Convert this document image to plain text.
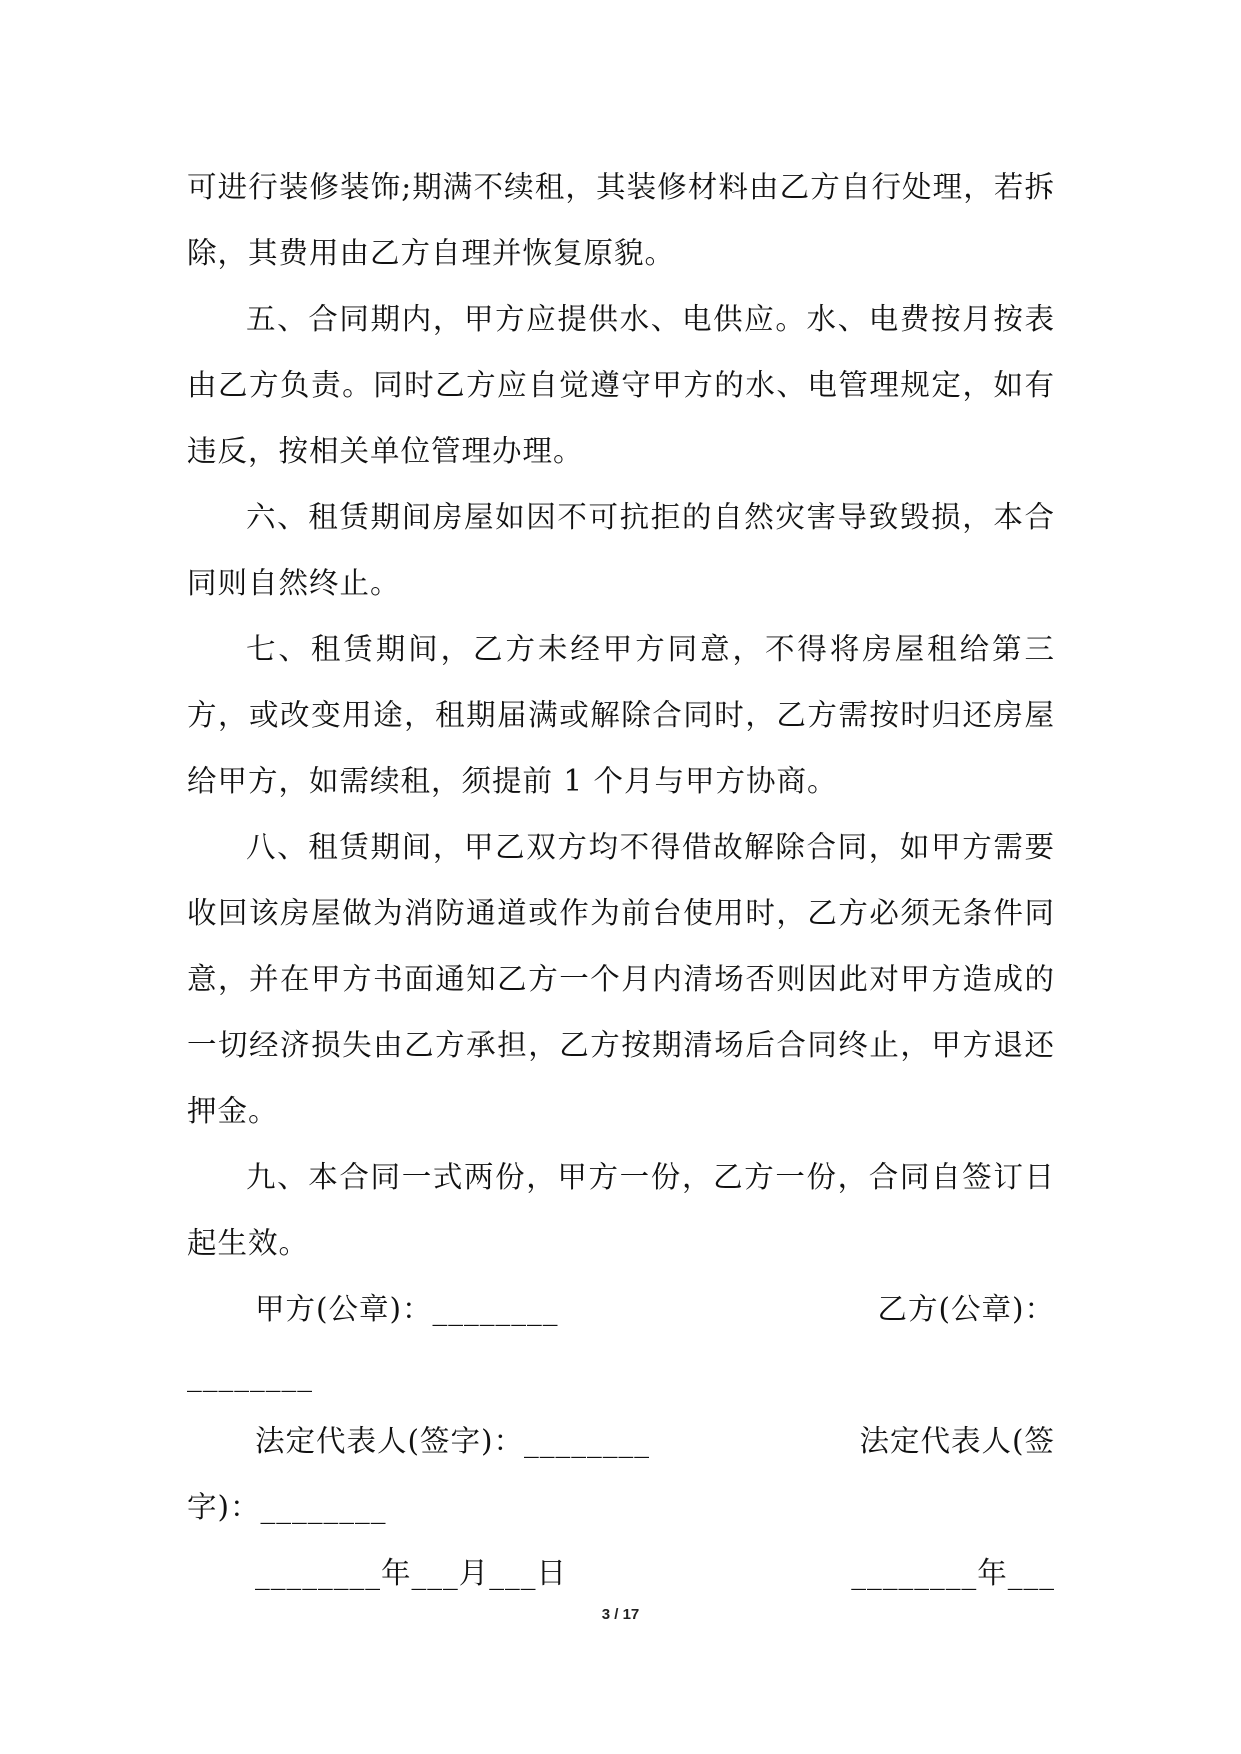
可进行装修装饰;期满不续租，其装修材料由乙方自行处理，若拆除，其费用由乙方自理并恢复原貌。

五、合同期内，甲方应提供水、电供应。水、电费按月按表由乙方负责。同时乙方应自觉遵守甲方的水、电管理规定，如有违反，按相关单位管理办理。

六、租赁期间房屋如因不可抗拒的自然灾害导致毁损，本合同则自然终止。

七、租赁期间，乙方未经甲方同意，不得将房屋租给第三方，或改变用途，租期届满或解除合同时，乙方需按时归还房屋给甲方，如需续租，须提前 1 个月与甲方协商。

八、租赁期间，甲乙双方均不得借故解除合同，如甲方需要收回该房屋做为消防通道或作为前台使用时，乙方必须无条件同意，并在甲方书面通知乙方一个月内清场否则因此对甲方造成的一切经济损失由乙方承担，乙方按期清场后合同终止，甲方退还押金。

九、本合同一式两份，甲方一份，乙方一份，合同自签订日起生效。

甲方(公章)：________	乙方(公章)：
________
法定代表人(签字)：________	法定代表人(签
字)：________
________年___月___日	________年___
3 / 17
